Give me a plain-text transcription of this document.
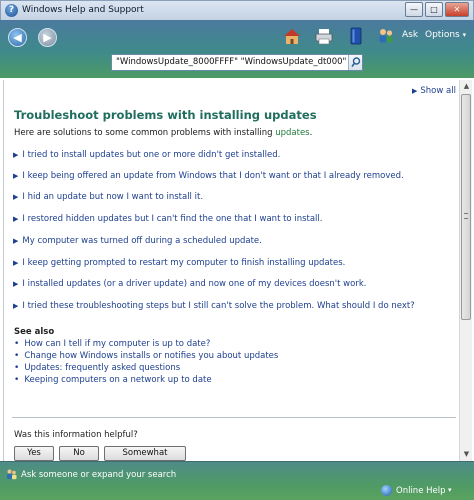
? Windows Help and Support	—	□	✕
◀	▶	Ask Options ▾
"WindowsUpdate_8000FFFF" "WindowsUpdate_dt000"
▶ Show all
Troubleshoot problems with installing updates
Here are solutions to some common problems with installing updates.
▶ I tried to install updates but one or more didn't get installed.
▶ I keep being offered an update from Windows that I don't want or that I already removed.
▶ I hid an update but now I want to install it.
▶ I restored hidden updates but I can't find the one that I want to install.
▶ My computer was turned off during a scheduled update.
▶ I keep getting prompted to restart my computer to finish installing updates.
▶ I installed updates (or a driver update) and now one of my devices doesn't work.
▶ I tried these troubleshooting steps but I still can't solve the problem. What should I do next?
See also
• How can I tell if my computer is up to date?
• Change how Windows installs or notifies you about updates
• Updates: frequently asked questions
• Keeping computers on a network up to date
Was this information helpful?
Yes	No	Somewhat
▲
▼
Ask someone or expand your search
Online Help ▾
